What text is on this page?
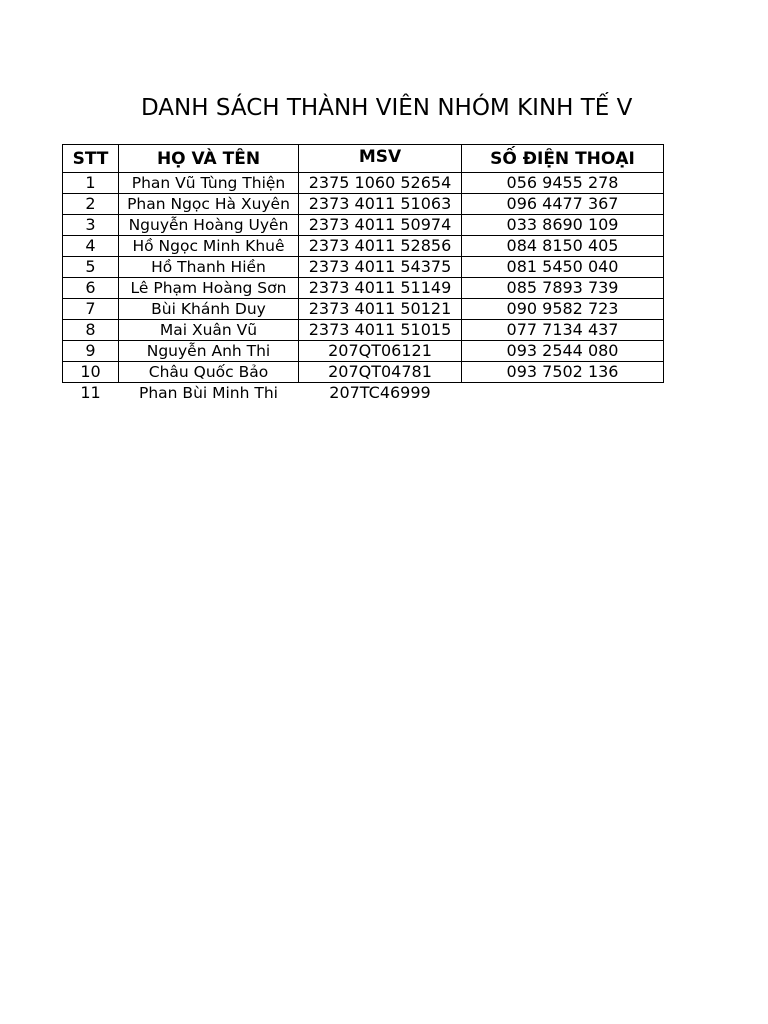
DANH SÁCH THÀNH VIÊN NHÓM KINH TẾ V
STT	HỌ VÀ TÊN	MSV	SỐ ĐIỆN THOẠI
1	Phan Vũ Tùng Thiện	2375 1060 52654	056 9455 278
2	Phan Ngọc Hà Xuyên	2373 4011 51063	096 4477 367
3	Nguyễn Hoàng Uyên	2373 4011 50974	033 8690 109
4	Hồ Ngọc Minh Khuê	2373 4011 52856	084 8150 405
5	Hồ Thanh Hiền	2373 4011 54375	081 5450 040
6	Lê Phạm Hoàng Sơn	2373 4011 51149	085 7893 739
7	Bùi Khánh Duy	2373 4011 50121	090 9582 723
8	Mai Xuân Vũ	2373 4011 51015	077 7134 437
9	Nguyễn Anh Thi	207QT06121	093 2544 080
10	Châu Quốc Bảo	207QT04781	093 7502 136
11	Phan Bùi Minh Thi	207TC46999	
